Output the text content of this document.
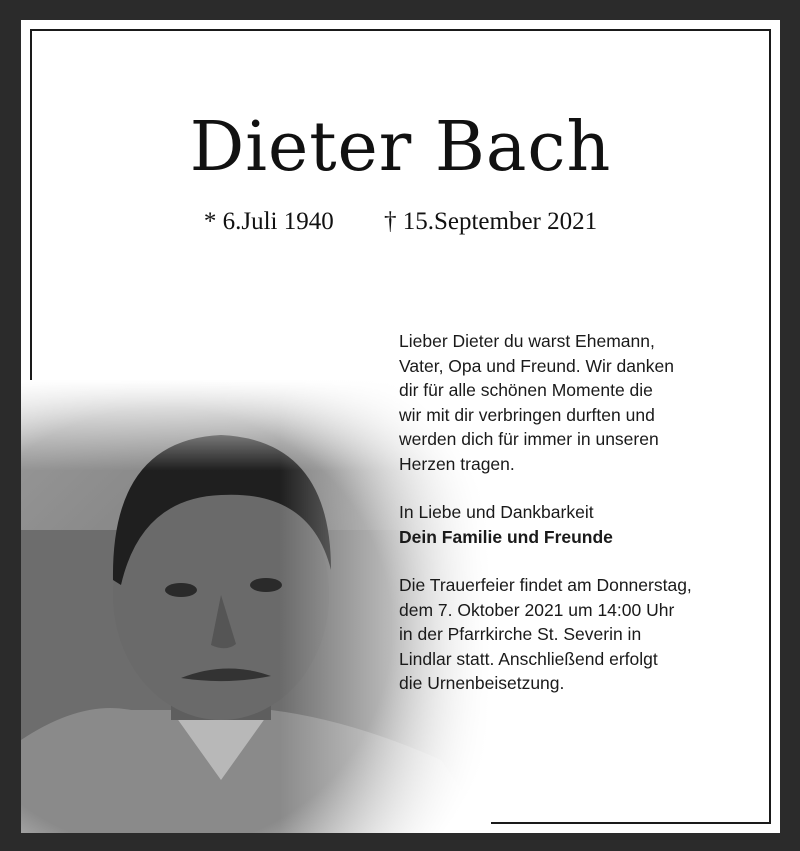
Dieter Bach
* 6.Juli 1940 † 15.September 2021
Lieber Dieter du warst Ehemann,
Vater, Opa und Freund. Wir danken
dir für alle schönen Momente die
wir mit dir verbringen durften und
werden dich für immer in unseren
Herzen tragen.
In Liebe und Dankbarkeit
Dein Familie und Freunde
Die Trauerfeier findet am Donnerstag,
dem 7. Oktober 2021 um 14:00 Uhr
in der Pfarrkirche St. Severin in
Lindlar statt. Anschließend erfolgt
die Urnenbeisetzung.
